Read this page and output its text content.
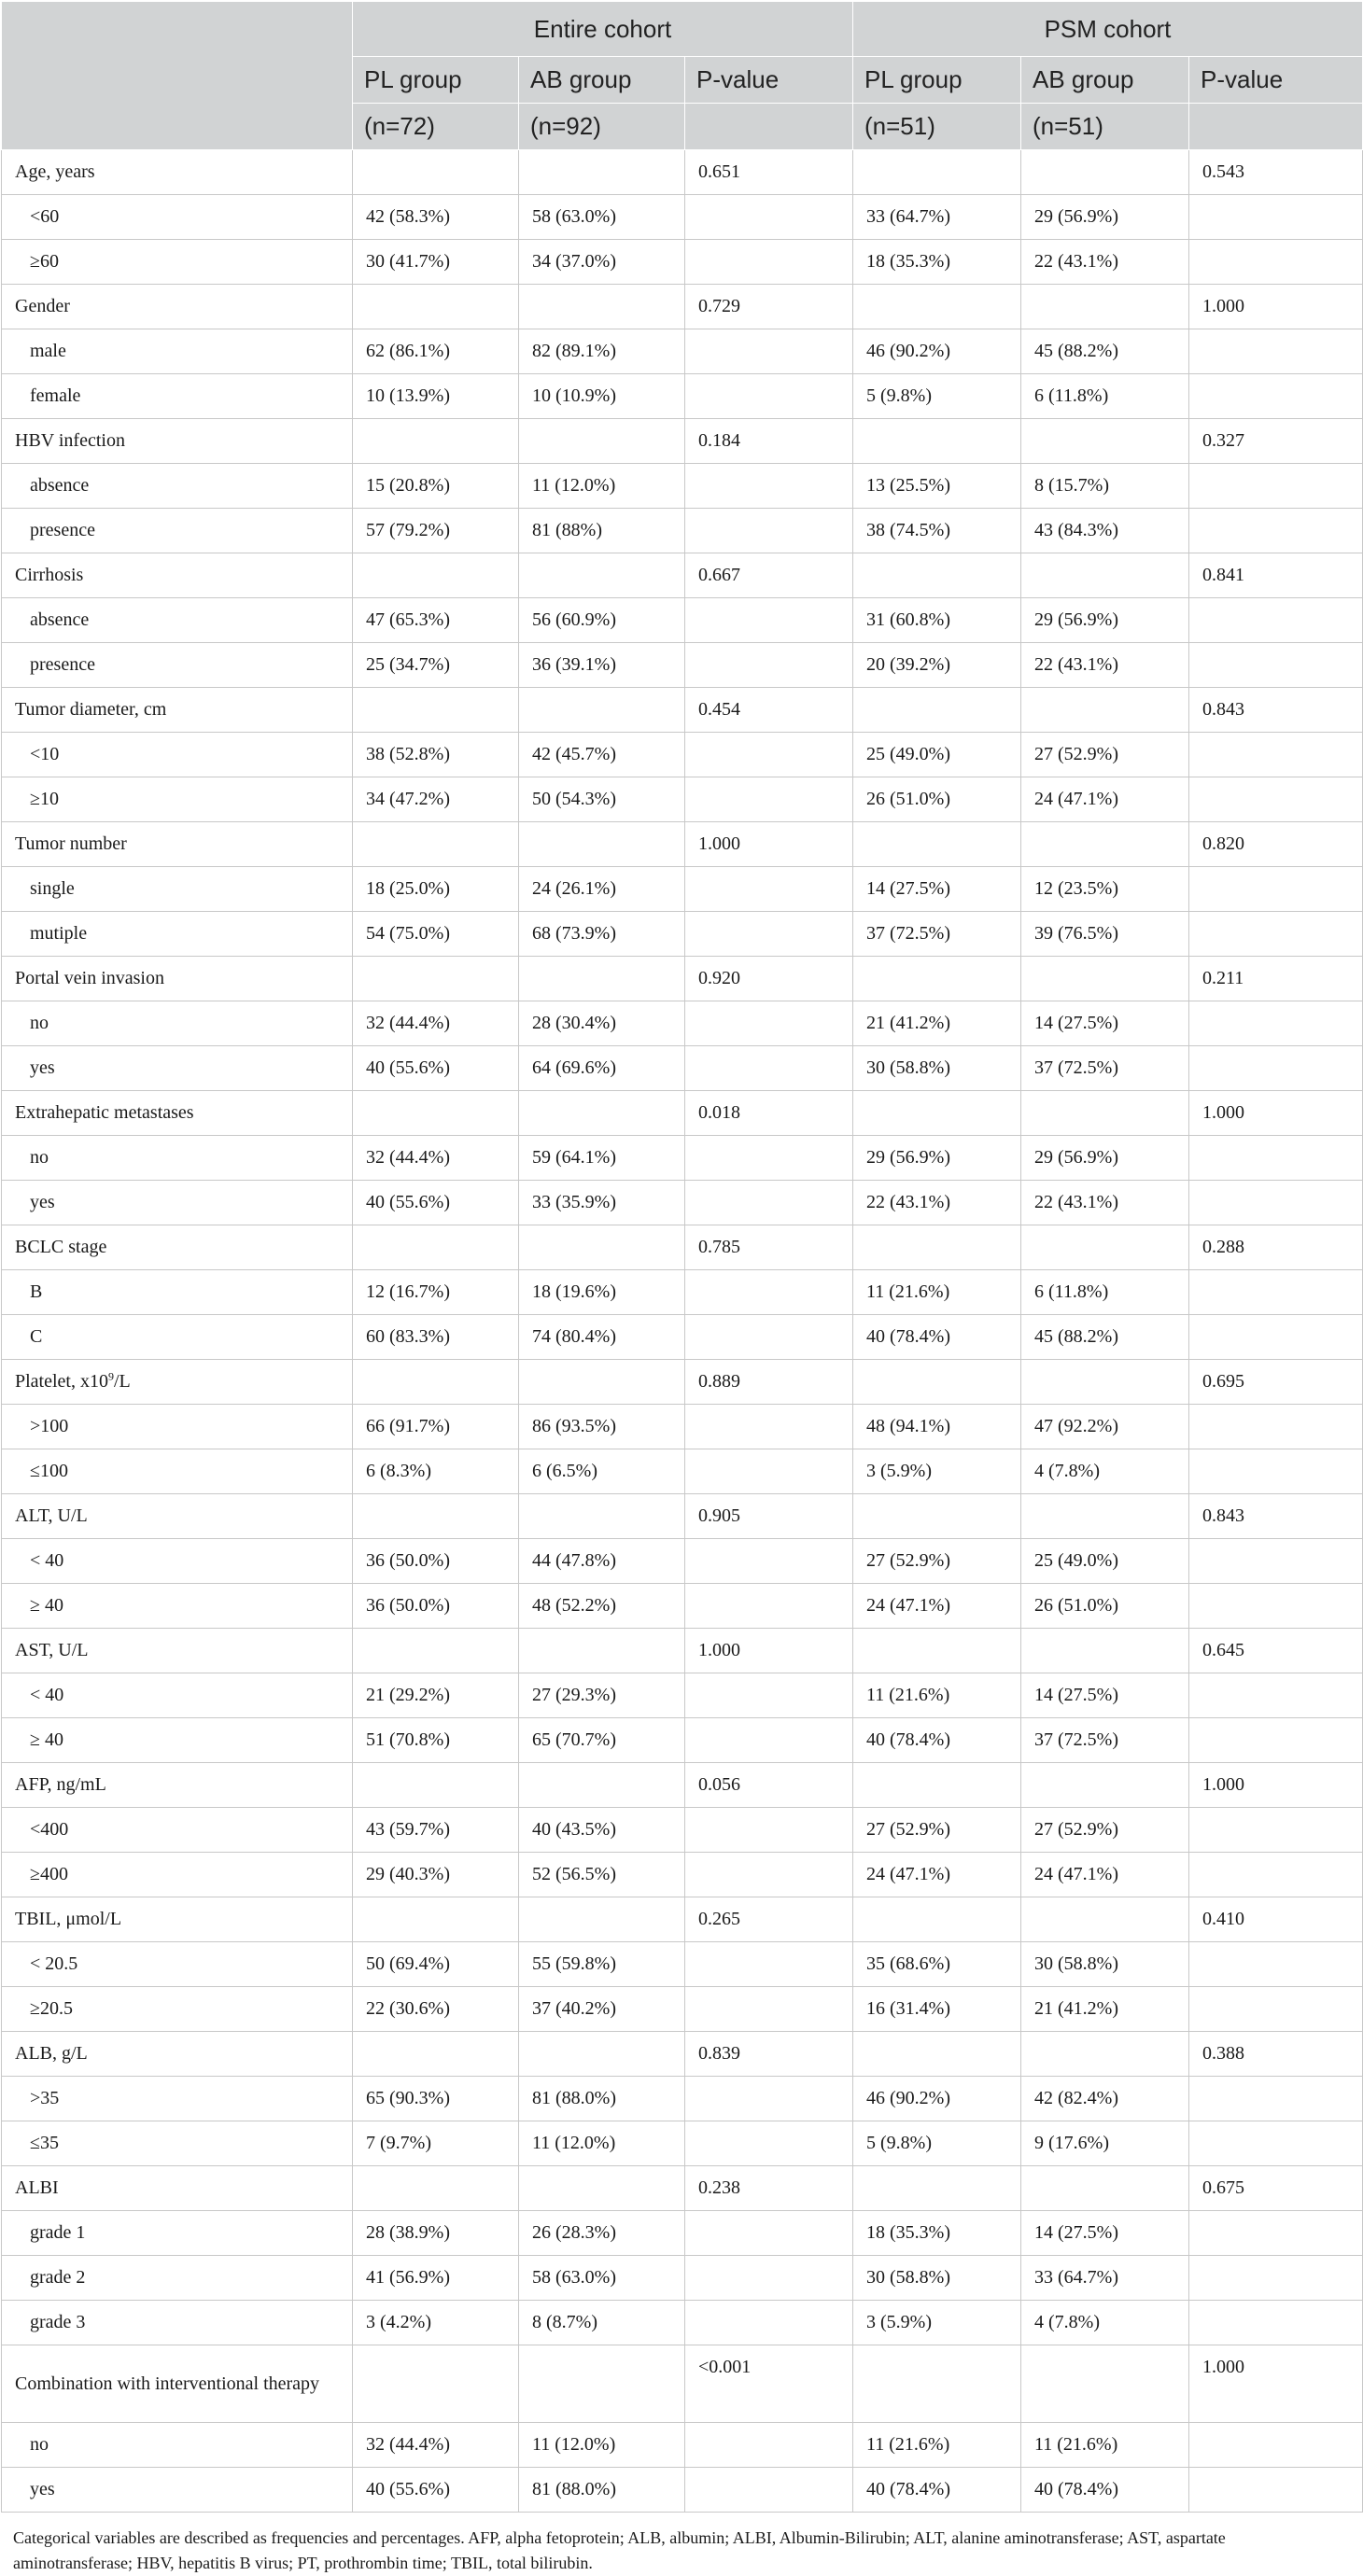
	Entire cohort			PSM cohort		
	PL group	AB group	P-value	PL group	AB group	P-value
	(n=72)	(n=92)		(n=51)	(n=51)	
Age, years			0.651			0.543
<60	42 (58.3%)	58 (63.0%)		33 (64.7%)	29 (56.9%)	
≥60	30 (41.7%)	34 (37.0%)		18 (35.3%)	22 (43.1%)	
Gender			0.729			1.000
male	62 (86.1%)	82 (89.1%)		46 (90.2%)	45 (88.2%)	
female	10 (13.9%)	10 (10.9%)		5 (9.8%)	6 (11.8%)	
HBV infection			0.184			0.327
absence	15 (20.8%)	11 (12.0%)		13 (25.5%)	8 (15.7%)	
presence	57 (79.2%)	81 (88%)		38 (74.5%)	43 (84.3%)	
Cirrhosis			0.667			0.841
absence	47 (65.3%)	56 (60.9%)		31 (60.8%)	29 (56.9%)	
presence	25 (34.7%)	36 (39.1%)		20 (39.2%)	22 (43.1%)	
Tumor diameter, cm			0.454			0.843
<10	38 (52.8%)	42 (45.7%)		25 (49.0%)	27 (52.9%)	
≥10	34 (47.2%)	50 (54.3%)		26 (51.0%)	24 (47.1%)	
Tumor number			1.000			0.820
single	18 (25.0%)	24 (26.1%)		14 (27.5%)	12 (23.5%)	
mutiple	54 (75.0%)	68 (73.9%)		37 (72.5%)	39 (76.5%)	
Portal vein invasion			0.920			0.211
no	32 (44.4%)	28 (30.4%)		21 (41.2%)	14 (27.5%)	
yes	40 (55.6%)	64 (69.6%)		30 (58.8%)	37 (72.5%)	
Extrahepatic metastases			0.018			1.000
no	32 (44.4%)	59 (64.1%)		29 (56.9%)	29 (56.9%)	
yes	40 (55.6%)	33 (35.9%)		22 (43.1%)	22 (43.1%)	
BCLC stage			0.785			0.288
B	12 (16.7%)	18 (19.6%)		11 (21.6%)	6 (11.8%)	
C	60 (83.3%)	74 (80.4%)		40 (78.4%)	45 (88.2%)	
Platelet, $x10^9/L$			0.889			0.695
>100	66 (91.7%)	86 (93.5%)		48 (94.1%)	47 (92.2%)	
≤100	6 (8.3%)	6 (6.5%)		3 (5.9%)	4 (7.8%)	
ALT, U/L			0.905			0.843
< 40	36 (50.0%)	44 (47.8%)		27 (52.9%)	25 (49.0%)	
≥ 40	36 (50.0%)	48 (52.2%)		24 (47.1%)	26 (51.0%)	
AST, U/L			1.000			0.645
< 40	21 (29.2%)	27 (29.3%)		11 (21.6%)	14 (27.5%)	
≥ 40	51 (70.8%)	65 (70.7%)		40 (78.4%)	37 (72.5%)	
AFP, ng/mL			0.056			1.000
<400	43 (59.7%)	40 (43.5%)		27 (52.9%)	27 (52.9%)	
≥400	29 (40.3%)	52 (56.5%)		24 (47.1%)	24 (47.1%)	
TBIL, μmol/L			0.265			0.410
< 20.5	50 (69.4%)	55 (59.8%)		35 (68.6%)	30 (58.8%)	
≥20.5	22 (30.6%)	37 (40.2%)		16 (31.4%)	21 (41.2%)	
ALB, g/L			0.839			0.388
>35	65 (90.3%)	81 (88.0%)		46 (90.2%)	42 (82.4%)	
≤35	7 (9.7%)	11 (12.0%)		5 (9.8%)	9 (17.6%)	
ALBI			0.238			0.675
grade 1	28 (38.9%)	26 (28.3%)		18 (35.3%)	14 (27.5%)	
grade 2	41 (56.9%)	58 (63.0%)		30 (58.8%)	33 (64.7%)	
grade 3	3 (4.2%)	8 (8.7%)		3 (5.9%)	4 (7.8%)	
Combination with interventional therapy			<0.001			1.000
no	32 (44.4%)	11 (12.0%)		11 (21.6%)	11 (21.6%)	
yes	40 (55.6%)	81 (88.0%)		40 (78.4%)	40 (78.4%)	
Categorical variables are described as frequencies and percentages. AFP, alpha fetoprotein; ALB, albumin; ALBI, Albumin-Bilirubin; ALT, alanine aminotransferase; AST, aspartate aminotransferase; HBV, hepatitis B virus; PT, prothrombin time; TBIL, total bilirubin.
